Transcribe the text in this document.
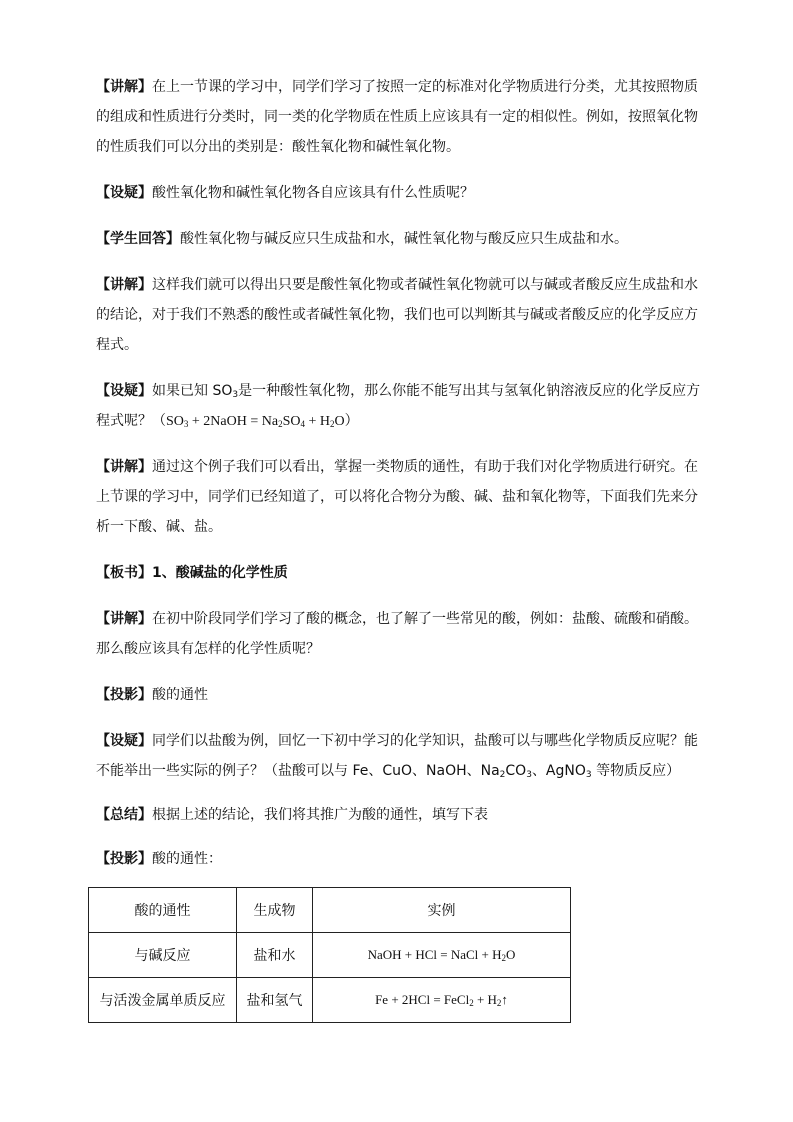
【讲解】在上一节课的学习中，同学们学习了按照一定的标准对化学物质进行分类，尤其按照物质的组成和性质进行分类时，同一类的化学物质在性质上应该具有一定的相似性。例如，按照氧化物的性质我们可以分出的类别是：酸性氧化物和碱性氧化物。

【设疑】酸性氧化物和碱性氧化物各自应该具有什么性质呢？

【学生回答】酸性氧化物与碱反应只生成盐和水，碱性氧化物与酸反应只生成盐和水。

【讲解】这样我们就可以得出只要是酸性氧化物或者碱性氧化物就可以与碱或者酸反应生成盐和水的结论，对于我们不熟悉的酸性或者碱性氧化物，我们也可以判断其与碱或者酸反应的化学反应方程式。

【设疑】如果已知 $SO_3$是一种酸性氧化物，那么你能不能写出其与氢氧化钠溶液反应的化学反应方程式呢？（$SO_3$ + 2NaOH = $Na_2SO_4 + H_2O$）

【讲解】通过这个例子我们可以看出，掌握一类物质的通性，有助于我们对化学物质进行研究。在上节课的学习中，同学们已经知道了，可以将化合物分为酸、碱、盐和氧化物等，下面我们先来分析一下酸、碱、盐。

【板书】1、酸碱盐的化学性质

【讲解】在初中阶段同学们学习了酸的概念，也了解了一些常见的酸，例如：盐酸、硫酸和硝酸。那么酸应该具有怎样的化学性质呢？

【投影】酸的通性

【设疑】同学们以盐酸为例，回忆一下初中学习的化学知识，盐酸可以与哪些化学物质反应呢？能不能举出一些实际的例子？（盐酸可以与 Fe、CuO、NaOH、$Na_2CO_3$、AgNO$_3$ 等物质反应）

【总结】根据上述的结论，我们将其推广为酸的通性，填写下表

【投影】酸的通性：

酸的通性	生成物	实例
与碱反应	盐和水	NaOH + HCl = NaCl + $H_2O$
与活泼金属单质反应	盐和氢气	Fe + 2HCl = FeCl$_2$ + $H_2↑$
